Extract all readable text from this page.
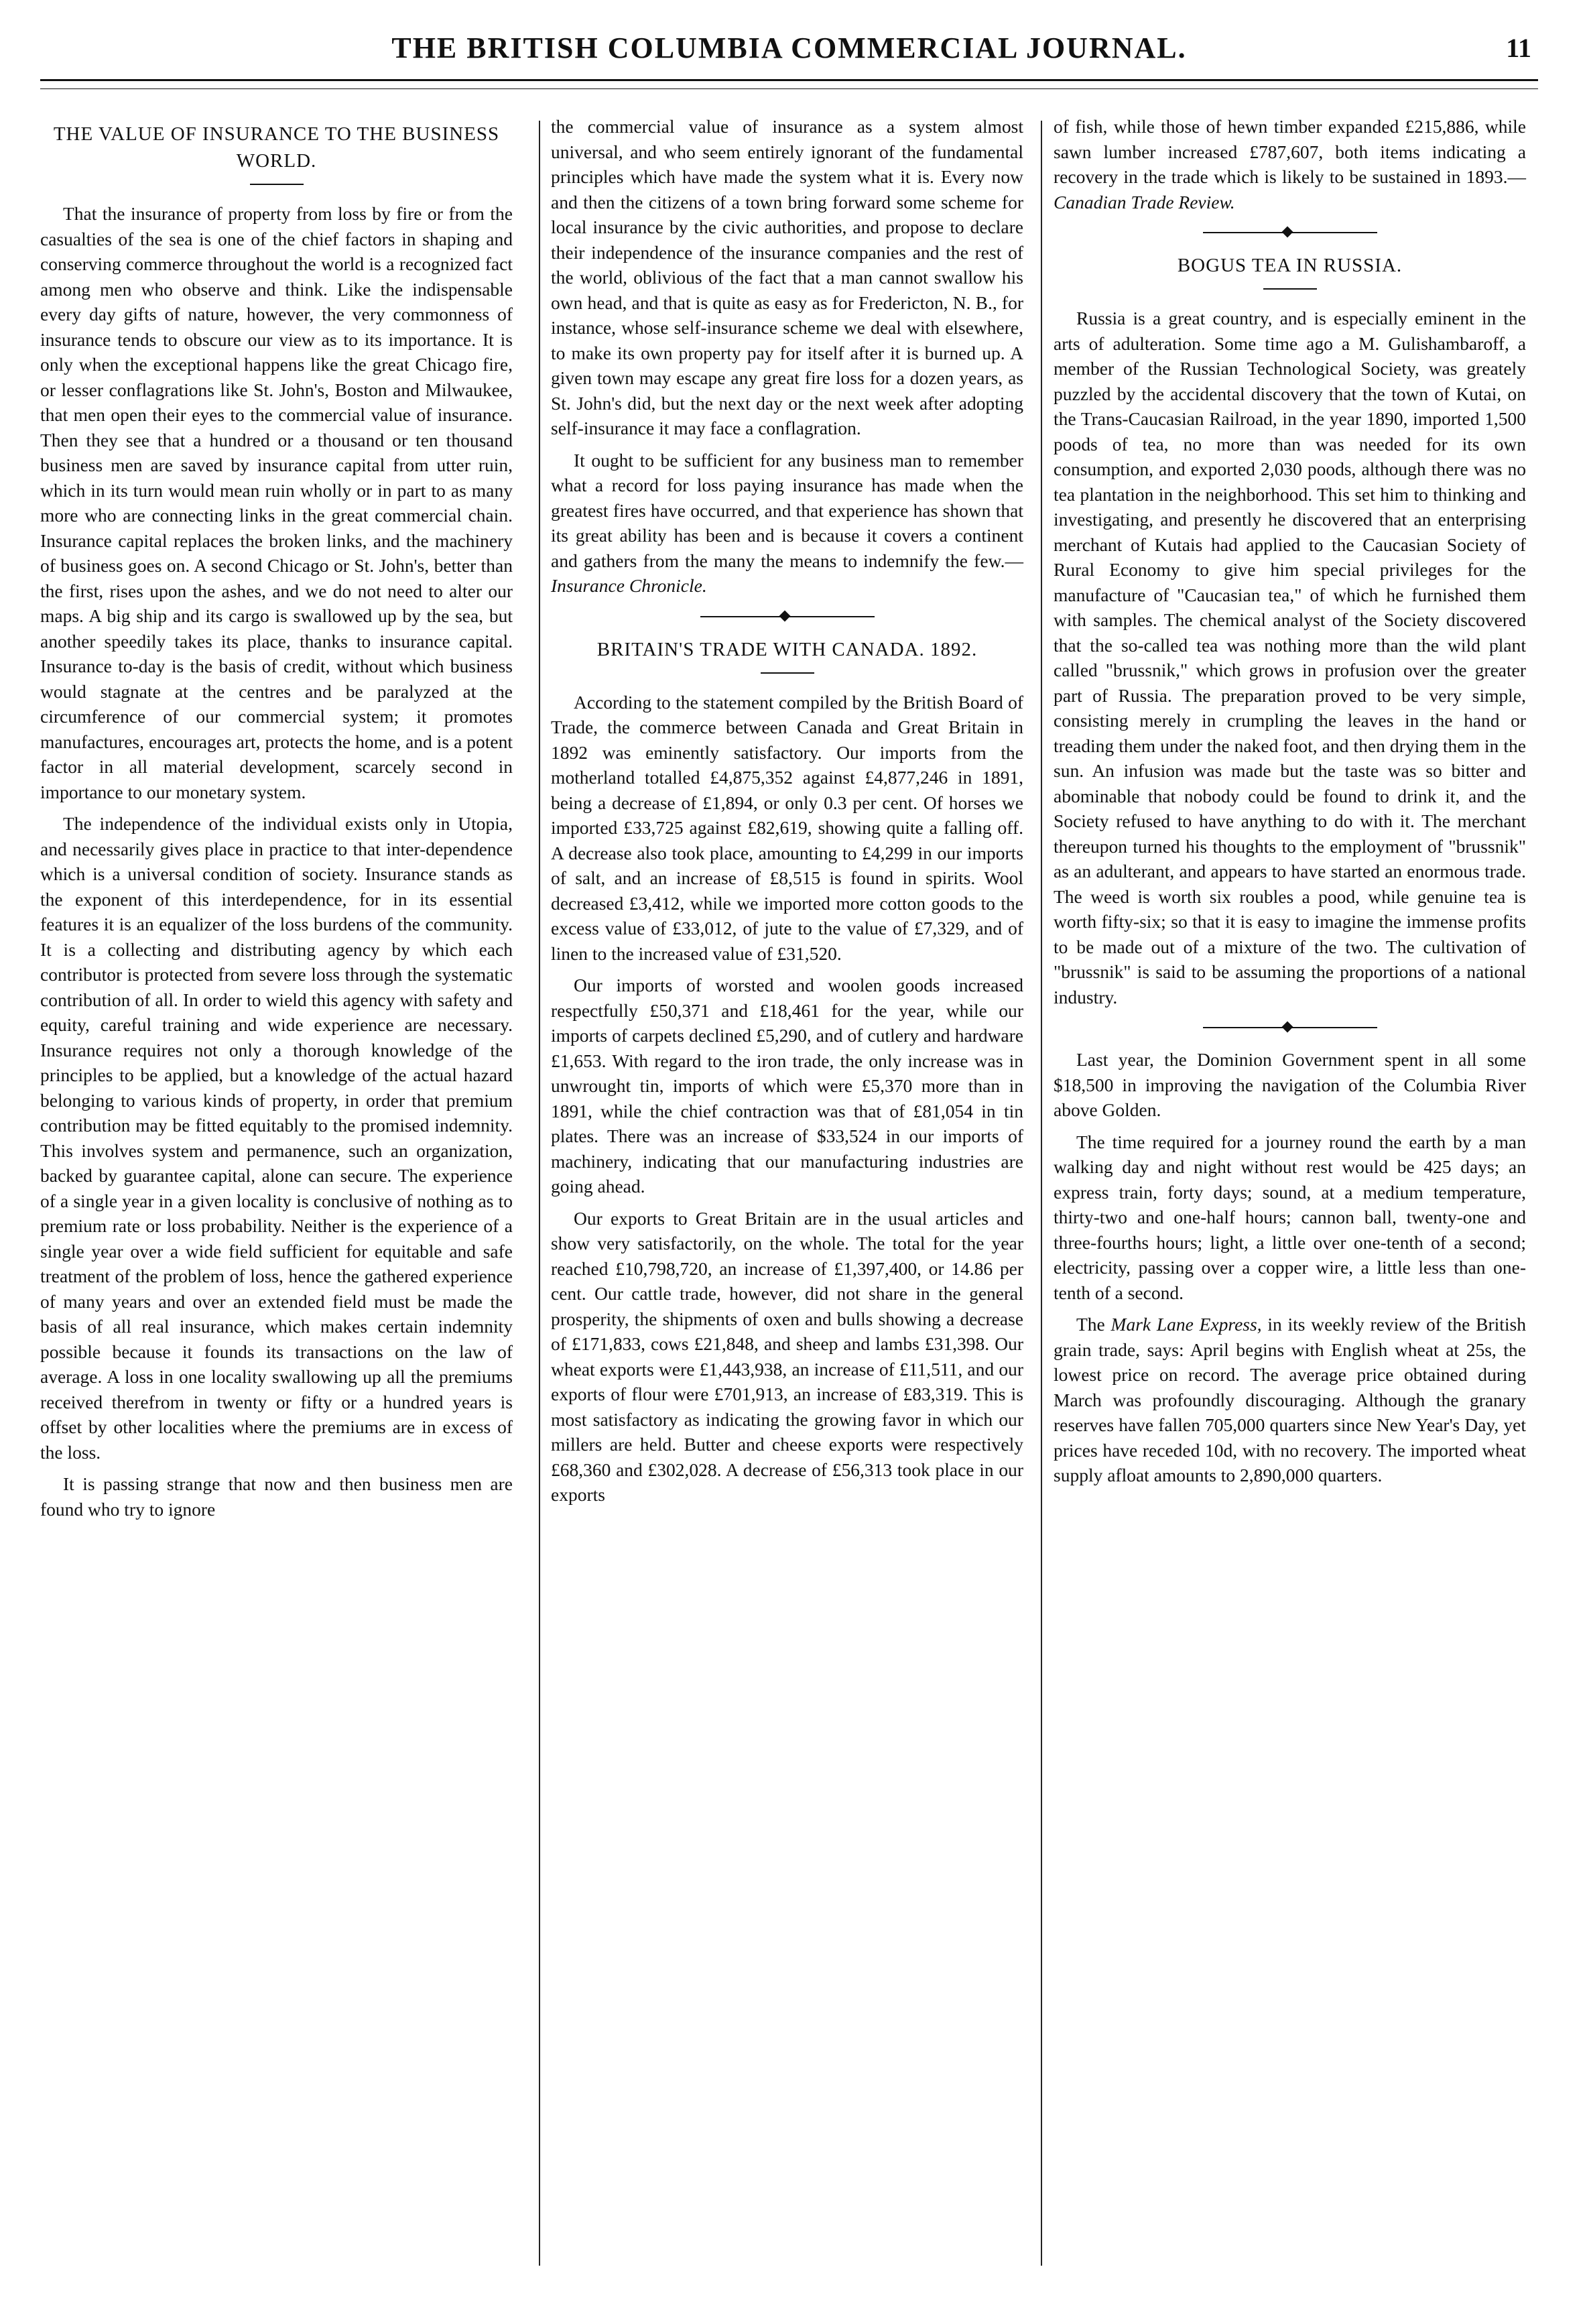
THE BRITISH COLUMBIA COMMERCIAL JOURNAL.	11
THE VALUE OF INSURANCE TO THE BUSINESS WORLD.

That the insurance of property from loss by fire or from the casualties of the sea is one of the chief factors in shaping and conserving commerce throughout the world is a recognized fact among men who observe and think. Like the indispensable every day gifts of nature, however, the very commonness of insurance tends to obscure our view as to its importance. It is only when the exceptional happens like the great Chicago fire, or lesser conflagrations like St. John's, Boston and Milwaukee, that men open their eyes to the commercial value of insurance. Then they see that a hundred or a thousand or ten thousand business men are saved by insurance capital from utter ruin, which in its turn would mean ruin wholly or in part to as many more who are connecting links in the great commercial chain. Insurance capital replaces the broken links, and the machinery of business goes on. A second Chicago or St. John's, better than the first, rises upon the ashes, and we do not need to alter our maps. A big ship and its cargo is swallowed up by the sea, but another speedily takes its place, thanks to insurance capital. Insurance to-day is the basis of credit, without which business would stagnate at the centres and be paralyzed at the circumference of our commercial system; it promotes manufactures, encourages art, protects the home, and is a potent factor in all material development, scarcely second in importance to our monetary system.

The independence of the individual exists only in Utopia, and necessarily gives place in practice to that inter-dependence which is a universal condition of society. Insurance stands as the exponent of this interdependence, for in its essential features it is an equalizer of the loss burdens of the community. It is a collecting and distributing agency by which each contributor is protected from severe loss through the systematic contribution of all. In order to wield this agency with safety and equity, careful training and wide experience are necessary. Insurance requires not only a thorough knowledge of the principles to be applied, but a knowledge of the actual hazard belonging to various kinds of property, in order that premium contribution may be fitted equitably to the promised indemnity. This involves system and permanence, such an organization, backed by guarantee capital, alone can secure. The experience of a single year in a given locality is conclusive of nothing as to premium rate or loss probability. Neither is the experience of a single year over a wide field sufficient for equitable and safe treatment of the problem of loss, hence the gathered experience of many years and over an extended field must be made the basis of all real insurance, which makes certain indemnity possible because it founds its transactions on the law of average. A loss in one locality swallowing up all the premiums received therefrom in twenty or fifty or a hundred years is offset by other localities where the premiums are in excess of the loss.

It is passing strange that now and then business men are found who try to ignore

the commercial value of insurance as a system almost universal, and who seem entirely ignorant of the fundamental principles which have made the system what it is. Every now and then the citizens of a town bring forward some scheme for local insurance by the civic authorities, and propose to declare their independence of the insurance companies and the rest of the world, oblivious of the fact that a man cannot swallow his own head, and that is quite as easy as for Fredericton, N. B., for instance, whose self-insurance scheme we deal with elsewhere, to make its own property pay for itself after it is burned up. A given town may escape any great fire loss for a dozen years, as St. John's did, but the next day or the next week after adopting self-insurance it may face a conflagration.

It ought to be sufficient for any business man to remember what a record for loss paying insurance has made when the greatest fires have occurred, and that experience has shown that its great ability has been and is because it covers a continent and gathers from the many the means to indemnify the few.—Insurance Chronicle.

BRITAIN'S TRADE WITH CANADA. 1892.

According to the statement compiled by the British Board of Trade, the commerce between Canada and Great Britain in 1892 was eminently satisfactory. Our imports from the motherland totalled £4,875,352 against £4,877,246 in 1891, being a decrease of £1,894, or only 0.3 per cent. Of horses we imported £33,725 against £82,619, showing quite a falling off. A decrease also took place, amounting to £4,299 in our imports of salt, and an increase of £8,515 is found in spirits. Wool decreased £3,412, while we imported more cotton goods to the excess value of £33,012, of jute to the value of £7,329, and of linen to the increased value of £31,520.

Our imports of worsted and woolen goods increased respectfully £50,371 and £18,461 for the year, while our imports of carpets declined £5,290, and of cutlery and hardware £1,653. With regard to the iron trade, the only increase was in unwrought tin, imports of which were £5,370 more than in 1891, while the chief contraction was that of £81,054 in tin plates. There was an increase of $33,524 in our imports of machinery, indicating that our manufacturing industries are going ahead.

Our exports to Great Britain are in the usual articles and show very satisfactorily, on the whole. The total for the year reached £10,798,720, an increase of £1,397,400, or 14.86 per cent. Our cattle trade, however, did not share in the general prosperity, the shipments of oxen and bulls showing a decrease of £171,833, cows £21,848, and sheep and lambs £31,398. Our wheat exports were £1,443,938, an increase of £11,511, and our exports of flour were £701,913, an increase of £83,319. This is most satisfactory as indicating the growing favor in which our millers are held. Butter and cheese exports were respectively £68,360 and £302,028. A decrease of £56,313 took place in our exports

of fish, while those of hewn timber expanded £215,886, while sawn lumber increased £787,607, both items indicating a recovery in the trade which is likely to be sustained in 1893.—Canadian Trade Review.

BOGUS TEA IN RUSSIA.

Russia is a great country, and is especially eminent in the arts of adulteration. Some time ago a M. Gulishambaroff, a member of the Russian Technological Society, was greately puzzled by the accidental discovery that the town of Kutai, on the Trans-Caucasian Railroad, in the year 1890, imported 1,500 poods of tea, no more than was needed for its own consumption, and exported 2,030 poods, although there was no tea plantation in the neighborhood. This set him to thinking and investigating, and presently he discovered that an enterprising merchant of Kutais had applied to the Caucasian Society of Rural Economy to give him special privileges for the manufacture of "Caucasian tea," of which he furnished them with samples. The chemical analyst of the Society discovered that the so-called tea was nothing more than the wild plant called "brussnik," which grows in profusion over the greater part of Russia. The preparation proved to be very simple, consisting merely in crumpling the leaves in the hand or treading them under the naked foot, and then drying them in the sun. An infusion was made but the taste was so bitter and abominable that nobody could be found to drink it, and the Society refused to have anything to do with it. The merchant thereupon turned his thoughts to the employment of "brussnik" as an adulterant, and appears to have started an enormous trade. The weed is worth six roubles a pood, while genuine tea is worth fifty-six; so that it is easy to imagine the immense profits to be made out of a mixture of the two. The cultivation of "brussnik" is said to be assuming the proportions of a national industry.

Last year, the Dominion Government spent in all some $18,500 in improving the navigation of the Columbia River above Golden.

The time required for a journey round the earth by a man walking day and night without rest would be 425 days; an express train, forty days; sound, at a medium temperature, thirty-two and one-half hours; cannon ball, twenty-one and three-fourths hours; light, a little over one-tenth of a second; electricity, passing over a copper wire, a little less than one-tenth of a second.

The Mark Lane Express, in its weekly review of the British grain trade, says: April begins with English wheat at 25s, the lowest price on record. The average price obtained during March was profoundly discouraging. Although the granary reserves have fallen 705,000 quarters since New Year's Day, yet prices have receded 10d, with no recovery. The imported wheat supply afloat amounts to 2,890,000 quarters.
